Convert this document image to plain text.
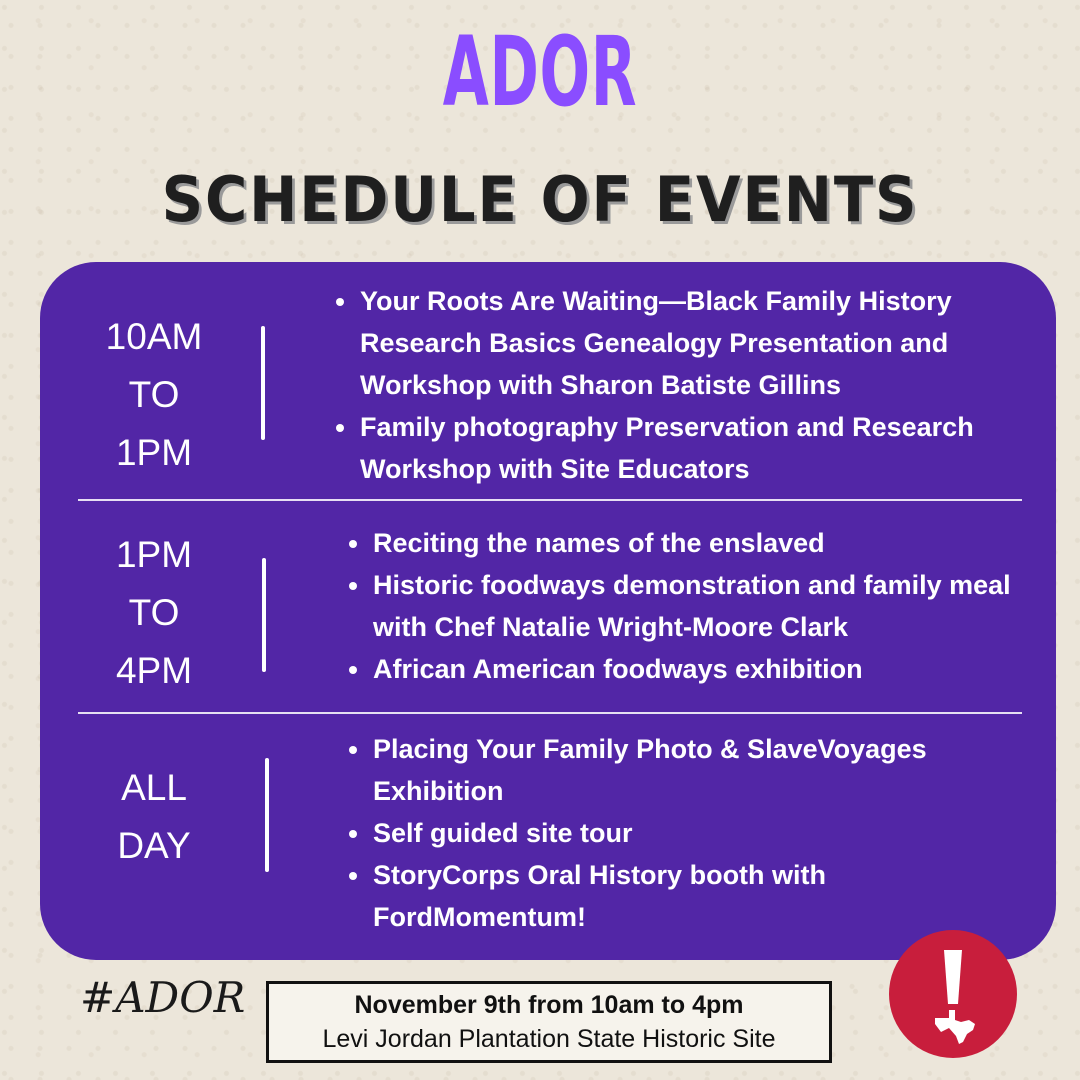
ADOR
SCHEDULE OF EVENTS
10AM
TO
1PM
Your Roots Are Waiting—Black Family History Research Basics Genealogy Presentation and Workshop with Sharon Batiste Gillins
Family photography Preservation and Research Workshop with Site Educators
1PM
TO
4PM
Reciting the names of the enslaved
Historic foodways demonstration and family meal with Chef Natalie Wright-Moore Clark
African American foodways exhibition
ALL
DAY
Placing Your Family Photo & SlaveVoyages Exhibition
Self guided site tour
StoryCorps Oral History booth with FordMomentum!
#ADOR	November 9th from 10am to 4pm
Levi Jordan Plantation State Historic Site
